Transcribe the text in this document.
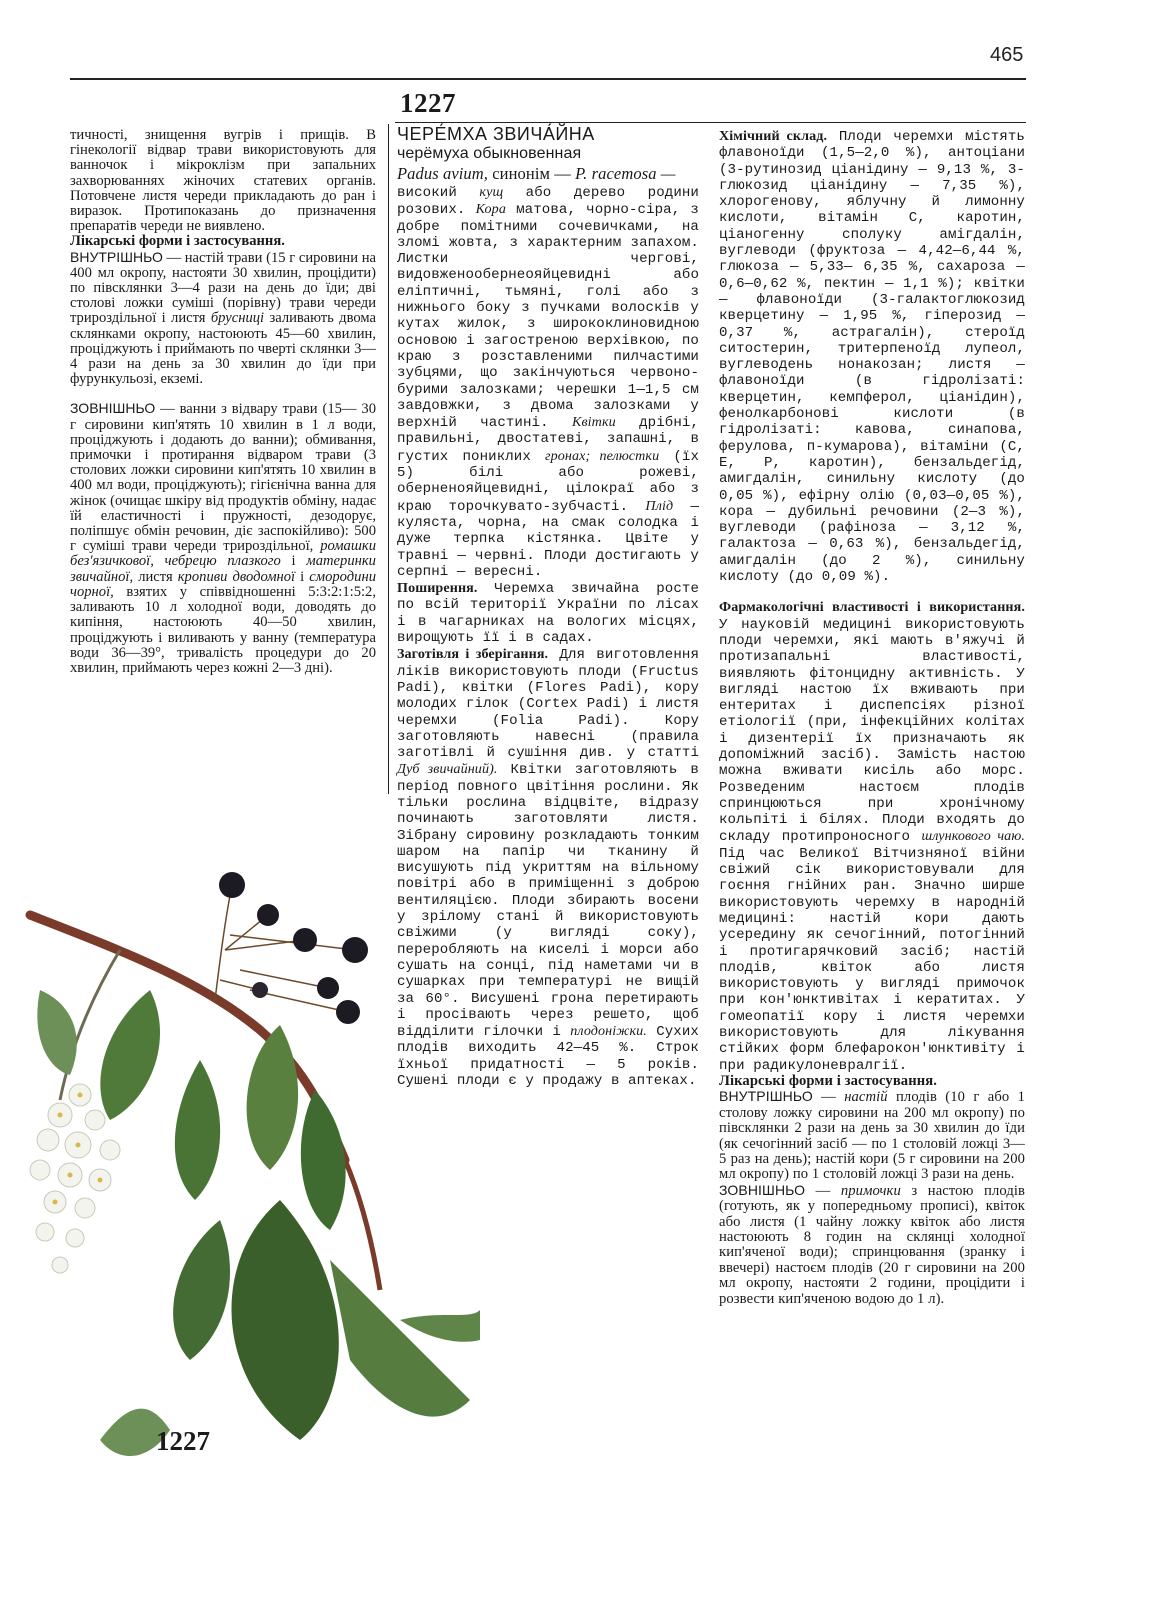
465
1227

тичності, знищення вугрів і прищів. В гінекології відвар трави використовують для ванночок і мікроклізм при запальних захворюваннях жіночих статевих органів. Потовчене листя череди прикладають до ран і виразок. Протипоказань до призначення препаратів череди не виявлено.

Лікарські форми і застосування.

ВНУТРІШНЬО — настій трави (15 г сировини на 400 мл окропу, настояти 30 хвилин, процідити) по півсклянки 3—4 рази на день до їди; дві столові ложки суміші (порівну) трави череди трироздільної і листя брусниці заливають двома склянками окропу, настоюють 45—60 хвилин, проціджують і приймають по чверті склянки 3—4 рази на день за 30 хвилин до їди при фурункульозі, екземі.

ЗОВНІШНЬО — ванни з відвару трави (15— 30 г сировини кип'ятять 10 хвилин в 1 л води, проціджують і додають до ванни); обмивання, примочки і протирання відваром трави (3 столових ложки сировини кип'ятять 10 хвилин в 400 мл води, проціджують); гігієнічна ванна для жінок (очищає шкіру від продуктів обміну, надає їй еластичності і пружності, дезодорує, поліпшує обмін речовин, діє заспокійливо): 500 г суміші трави череди трироздільної, ромашки без'язичкової, чебрецю плазкого і материнки звичайної, листя кропиви дводомної і смородини чорної, взятих у співвідношенні 5:3:2:1:5:2, заливають 10 л холодної води, доводять до кипіння, настоюють 40—50 хвилин, проціджують і виливають у ванну (температура води 36—39°, тривалість процедури до 20 хвилин, приймають через кожні 2—3 дні).

ЧЕРЕ́МХА ЗВИЧА́ЙНА

черёмуха обыкновенная

Padus avium, синонім — P. racemosa —

високий кущ або дерево родини розових. Кора матова, чорно-сіра, з добре помітними сочевичками, на зломі жовта, з характерним запахом. Листки чергові, видовженообернеояйцевидні або еліптичні, тьмяні, голі або з нижнього боку з пучками волосків у кутах жилок, з ширококлиновидною основою і загостреною верхівкою, по краю з розставленими пилчастими зубцями, що закінчуються червоно-бурими залозками; черешки 1—1,5 см завдовжки, з двома залозками у верхній частині. Квітки дрібні, правильні, двостатеві, запашні, в густих пониклих гронах; пелюстки (їх 5) білі або рожеві, оберненояйцевидні, цілокраї або з краю торочкувато-зубчасті. Плід — куляста, чорна, на смак солодка і дуже терпка кістянка. Цвіте у травні — червні. Плоди достигають у серпні — вересні.

Поширення. Черемха звичайна росте по всій території України по лісах і в чагарниках на вологих місцях, вирощують її і в садах.

Заготівля і зберігання. Для виготовлення ліків використовують плоди (Fructus Padi), квітки (Flores Padi), кору молодих гілок (Cortex Padi) і листя черемхи (Folia Padi). Кору заготовляють навесні (правила заготівлі й сушіння див. у статті Дуб звичайний). Квітки заготовляють в період повного цвітіння рослини. Як тільки рослина відцвіте, відразу починають заготовляти листя. Зібрану сировину розкладають тонким шаром на папір чи тканину й висушують під укриттям на вільному повітрі або в приміщенні з доброю вентиляцією. Плоди збирають восени у зрілому стані й використовують свіжими (у вигляді соку), переробляють на киселі і морси або сушать на сонці, під наметами чи в сушарках при температурі не вищій за 60°. Висушені грона перетирають і просівають через решето, щоб відділити гілочки і плодоніжки. Сухих плодів виходить 42—45 %. Строк їхньої придатності — 5 років. Сушені плоди є у продажу в аптеках.

Хімічний склад. Плоди черемхи містять флавоноїди (1,5—2,0 %), антоціани (3-рутинозид ціанідину — 9,13 %, 3-глюкозид ціанідину — 7,35 %), хлорогенову, яблучну й лимонну кислоти, вітамін С, каротин, ціаногенну сполуку амігдалін, вуглеводи (фруктоза — 4,42—6,44 %, глюкоза — 5,33— 6,35 %, сахароза — 0,6—0,62 %, пектин — 1,1 %); квітки — флавоноїди (3-галактоглюкозид кверцетину — 1,95 %, гіперозид —0,37 %, астрагалін), стероїд ситостерин, тритерпеноїд лупеол, вуглеводень нонакозан; листя — флавоноїди (в гідролізаті: кверцетин, кемпферол, ціанідин), фенолкарбонові кислоти (в гідролізаті: кавова, синапова, ферулова, п-кумарова), вітаміни (С, Е, Р, каротин), бензальдегід, амигдалін, синильну кислоту (до 0,05 %), ефірну олію (0,03—0,05 %), кора — дубильні речовини (2—3 %), вуглеводи (рафіноза — 3,12 %, галактоза — 0,63 %), бензальдегід, амигдалін (до 2 %), синильну кислоту (до 0,09 %).

Фармакологічні властивості і використання. У науковій медицині використовують плоди черемхи, які мають в'яжучі й протизапальні властивості, виявляють фітонцидну активність. У вигляді настою їх вживають при ентеритах і диспепсіях різної етіології (при, інфекційних колітах і дизентерії їх призначають як допоміжний засіб). Замість настою можна вживати кисіль або морс. Розведеним настоєм плодів спринцюються при хронічному кольпіті і білях. Плоди входять до складу протипроносного шлункового чаю. Під час Великої Вітчизняної війни свіжий сік використовували для гоєння гнійних ран. Значно ширше використовують черемху в народній медицині: настій кори дають усередину як сечогінний, потогінний і протигарячковий засіб; настій плодів, квіток або листя використовують у вигляді примочок при кон'юнктивітах і кератитах. У гомеопатії кору і листя черемхи використовують для лікування стійких форм блефарокон'юнктивіту і при радикулоневралгії.

Лікарські форми і застосування.

ВНУТРІШНЬО — настій плодів (10 г або 1 столову ложку сировини на 200 мл окропу) по півсклянки 2 рази на день за 30 хвилин до їди (як сечогінний засіб — по 1 столовій ложці 3—5 раз на день); настій кори (5 г сировини на 200 мл окропу) по 1 столовій ложці 3 рази на день.

ЗОВНІШНЬО — примочки з настою плодів (готують, як у попередньому прописі), квіток або листя (1 чайну ложку квіток або листя настоюють 8 годин на склянці холодної кип'яченої води); спринцювання (зранку і ввечері) настоєм плодів (20 г сировини на 200 мл окропу, настояти 2 години, процідити і розвести кип'яченою водою до 1 л).

1227
